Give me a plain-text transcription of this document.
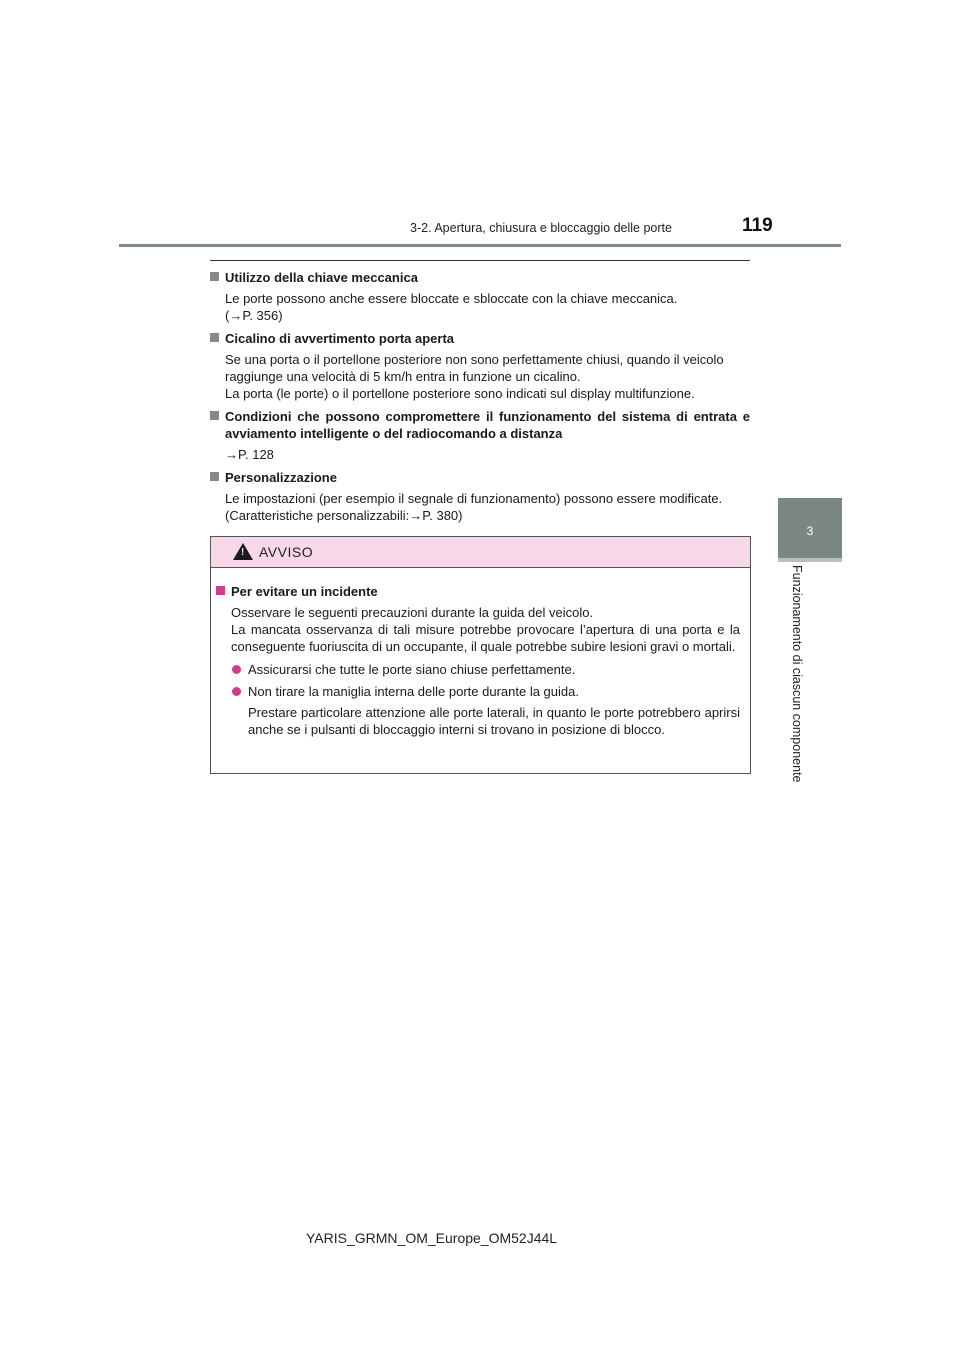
3-2. Apertura, chiusura e bloccaggio delle porte	119
3
Funzionamento di ciascun componente
Utilizzo della chiave meccanica
Le porte possono anche essere bloccate e sbloccate con la chiave meccanica.
(→P. 356)
Cicalino di avvertimento porta aperta
Se una porta o il portellone posteriore non sono perfettamente chiusi, quando il veicolo raggiunge una velocità di 5 km/h entra in funzione un cicalino.
La porta (le porte) o il portellone posteriore sono indicati sul display multifunzione.
Condizioni che possono compromettere il funzionamento del sistema di entrata e avviamento intelligente o del radiocomando a distanza
→P. 128
Personalizzazione
Le impostazioni (per esempio il segnale di funzionamento) possono essere modificate.
(Caratteristiche personalizzabili:→P. 380)
! AVVISO
Per evitare un incidente
Osservare le seguenti precauzioni durante la guida del veicolo.
La mancata osservanza di tali misure potrebbe provocare l’apertura di una porta e la conseguente fuoriuscita di un occupante, il quale potrebbe subire lesioni gravi o mortali.
Assicurarsi che tutte le porte siano chiuse perfettamente.
Non tirare la maniglia interna delle porte durante la guida.
Prestare particolare attenzione alle porte laterali, in quanto le porte potrebbero aprirsi anche se i pulsanti di bloccaggio interni si trovano in posizione di blocco.
YARIS_GRMN_OM_Europe_OM52J44L
